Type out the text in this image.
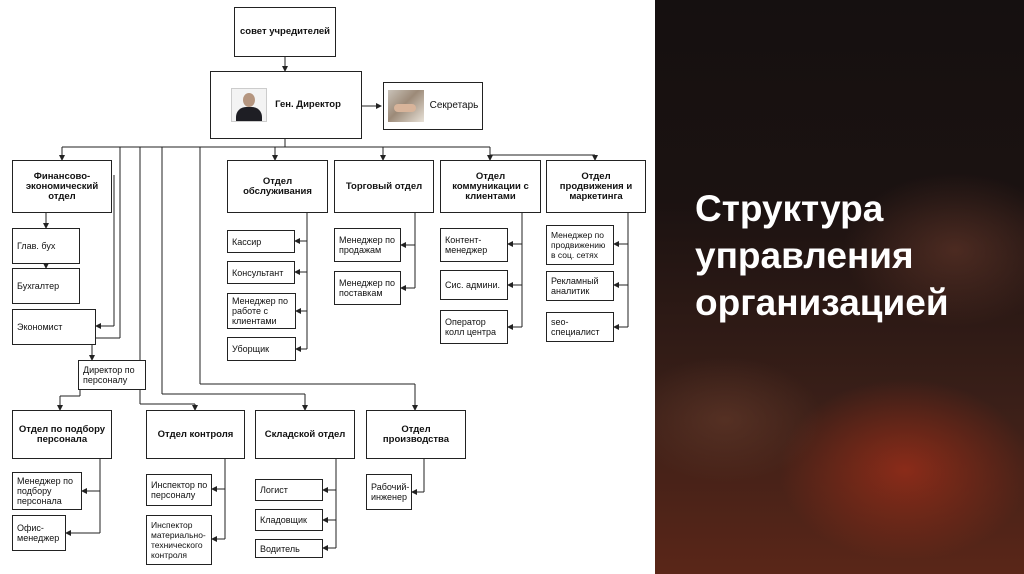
совет учредителей
Ген. Директор	Секретарь
Финансово-экономический отдел
Отдел обслуживания	Торговый отдел
Отдел коммуникации с клиентами
Отдел продвижения и маркетинга
Глав. бух
Бухгалтер
Экономист
Кассир
Консультант
Менеджер по работе с клиентами
Уборщик
Менеджер по продажам
Менеджер по поставкам
Контент-менеджер
Сис. админи.
Оператор колл центра
Менеджер по продвижению в соц. сетях
Рекламный аналитик
seo-специалист
Директор по персоналу
Отдел по подбору персонала	Отдел контроля	Складской отдел	Отдел производства
Менеджер по подбору персонала
Офис-менеджер
Инспектор по персоналу
Инспектор материально-технического контроля
Логист
Кладовщик
Водитель
Рабочий-инженер
Структура
управления
организацией
